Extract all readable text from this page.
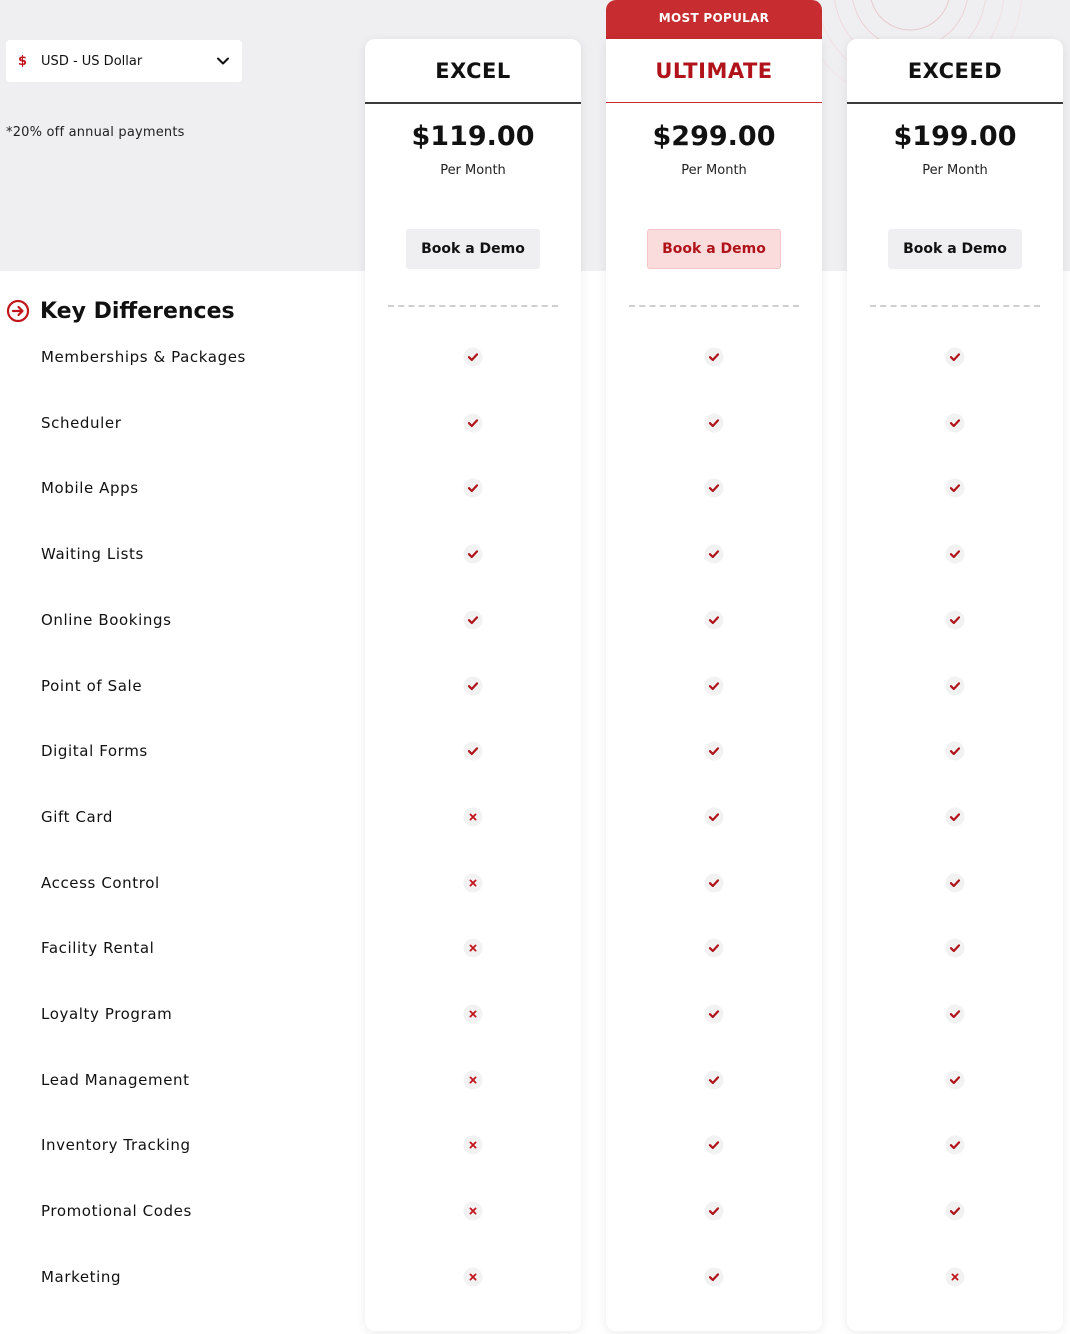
$ USD - US Dollar
*20% off annual payments
MOST POPULAR
EXCEL
$119.00
Per Month
Book a Demo
ULTIMATE
$299.00
Per Month
Book a Demo
EXCEED
$199.00
Per Month
Book a Demo
Key Differences
Memberships & Packages
Scheduler
Mobile Apps
Waiting Lists
Online Bookings
Point of Sale
Digital Forms
Gift Card
Access Control
Facility Rental
Loyalty Program
Lead Management
Inventory Tracking
Promotional Codes
Marketing
